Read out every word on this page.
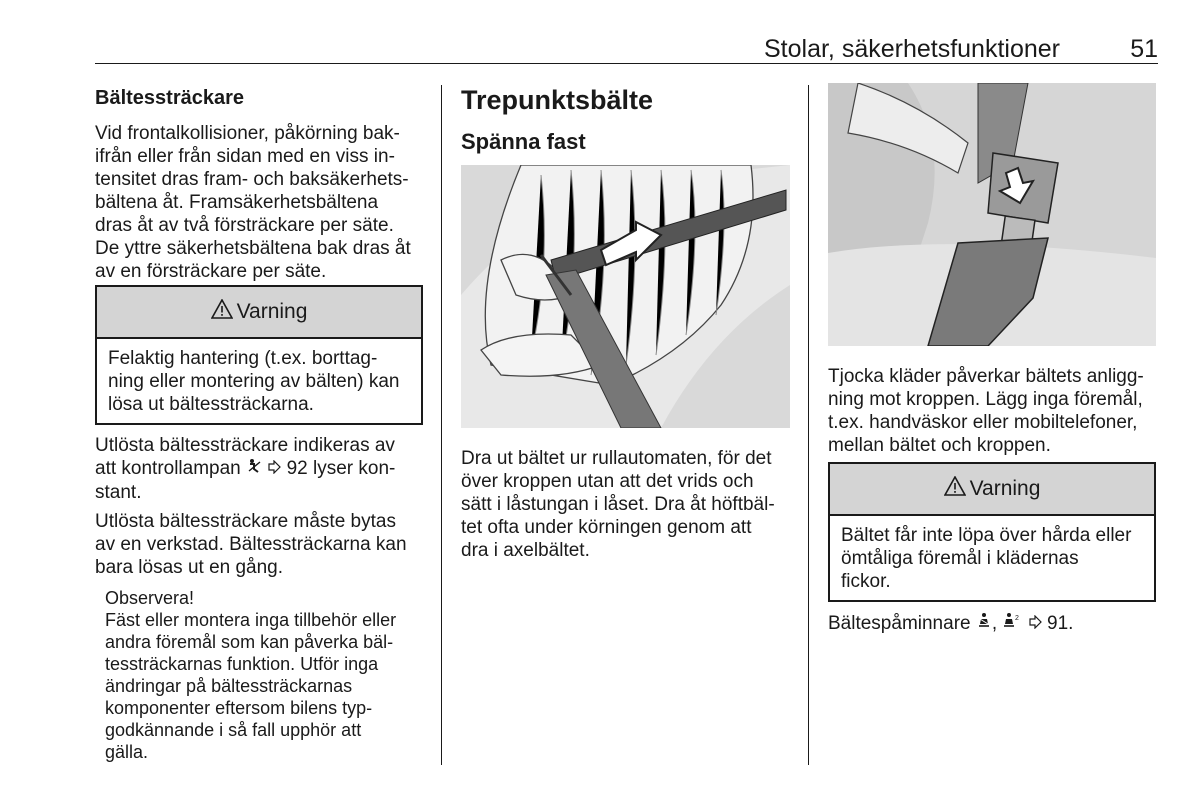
Stolar, säkerhetsfunktioner	51
Bältessträckare
Vid frontalkollisioner, påkörning bak-
ifrån eller från sidan med en viss in-
tensitet dras fram- och baksäkerhets-
bältena åt. Framsäkerhetsbältena
dras åt av två försträckare per säte.
De yttre säkerhetsbältena bak dras åt
av en försträckare per säte.
Varning
Felaktig hantering (t.ex. borttag-
ning eller montering av bälten) kan
lösa ut bältessträckarna.
Utlösta bältessträckare indikeras av
att kontrollampan 92 lyser kon-
stant.
Utlösta bältessträckare måste bytas
av en verkstad. Bältessträckarna kan
bara lösas ut en gång.
Observera!
Fäst eller montera inga tillbehör eller
andra föremål som kan påverka bäl-
tessträckarnas funktion. Utför inga
ändringar på bältessträckarnas
komponenter eftersom bilens typ-
godkännande i så fall upphör att
gälla.
Trepunktsbälte
Spänna fast
Dra ut bältet ur rullautomaten, för det
över kroppen utan att det vrids och
sätt i låstungan i låset. Dra åt höftbäl-
tet ofta under körningen genom att
dra i axelbältet.
Tjocka kläder påverkar bältets anligg-
ning mot kroppen. Lägg inga föremål,
t.ex. handväskor eller mobiltelefoner,
mellan bältet och kroppen.
Varning
Bältet får inte löpa över hårda eller
ömtåliga föremål i klädernas
fickor.
Bältespåminnare ,	2 91.
